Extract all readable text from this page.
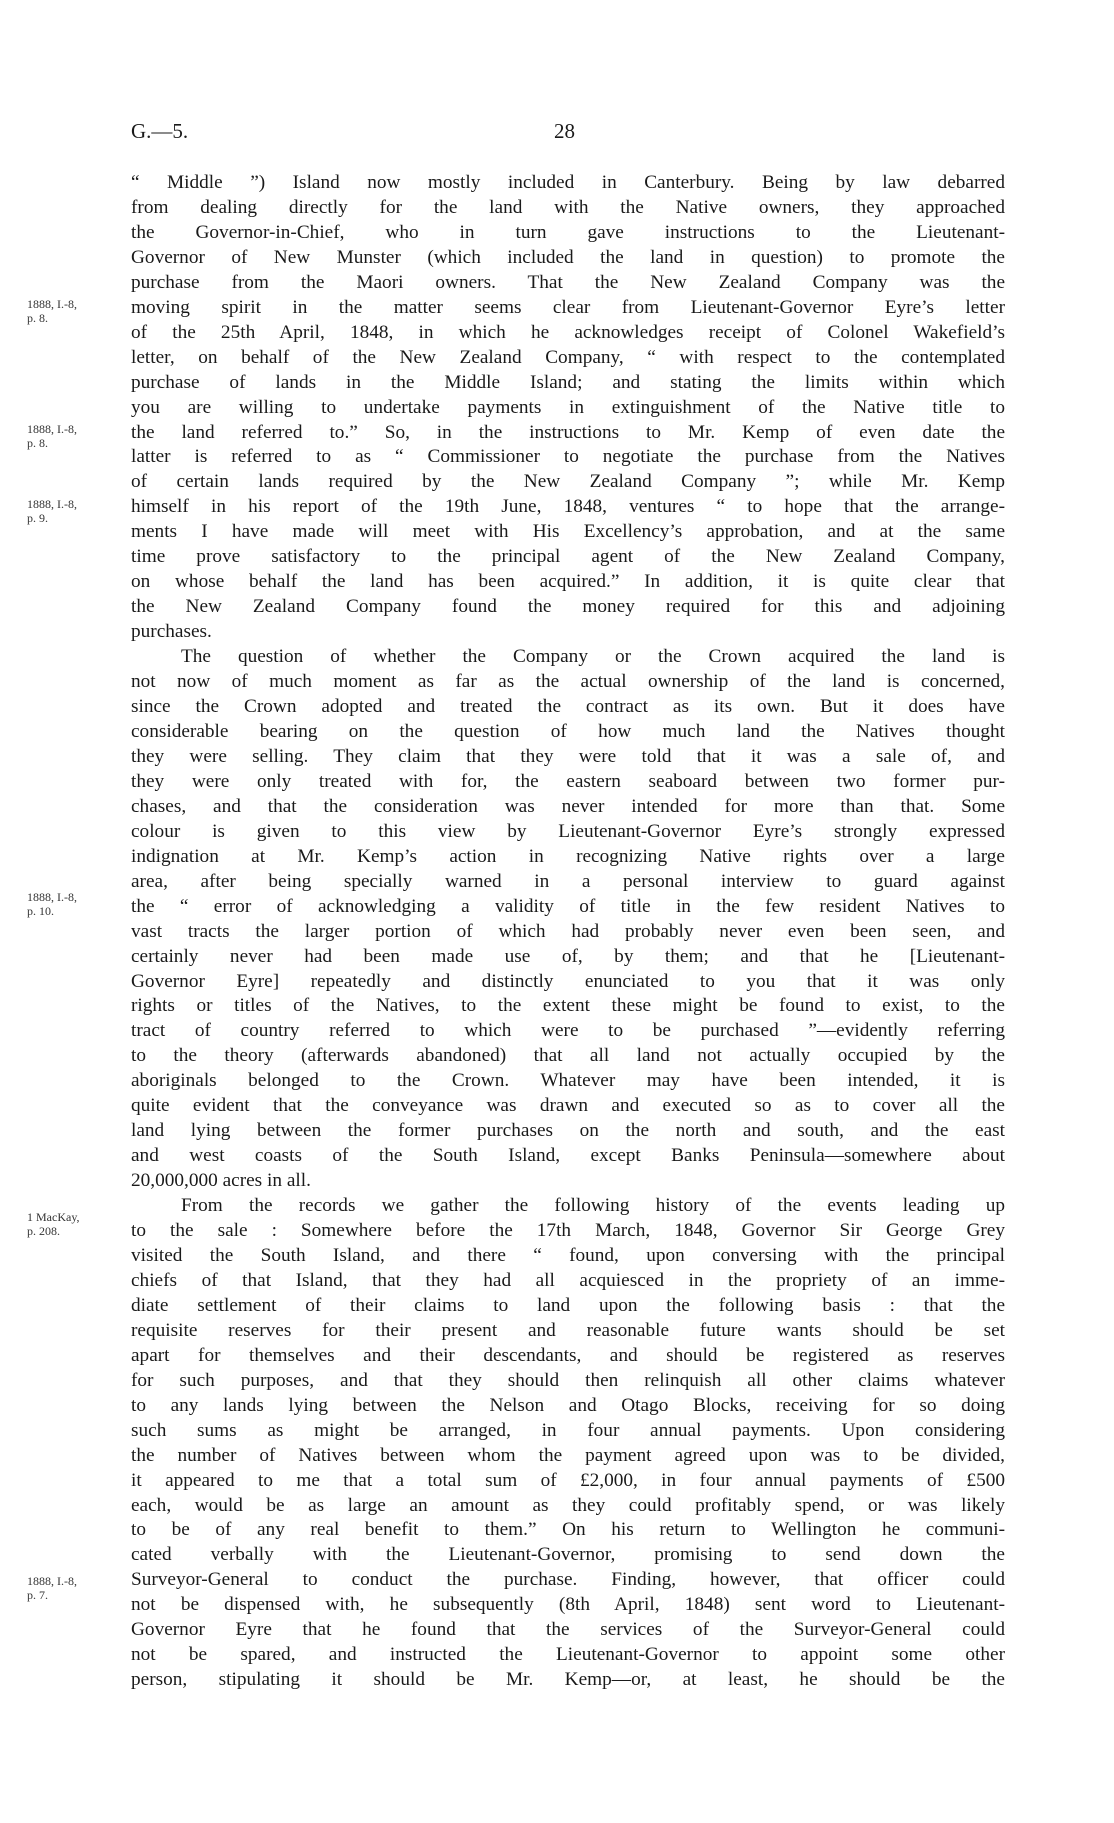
G.—5.	28
1888, I.-8,
p. 8.
1888, I.-8,
p. 8.
1888, I.-8,
p. 9.
1888, I.-8,
p. 10.
1 MacKay,
p. 208.
1888, I.-8,
p. 7.
“ Middle ”) Island now mostly included in Canterbury. Being by law debarred
from dealing directly for the land with the Native owners, they approached
the Governor-in-Chief, who in turn gave instructions to the Lieutenant-
Governor of New Munster (which included the land in question) to promote the
purchase from the Maori owners. That the New Zealand Company was the
moving spirit in the matter seems clear from Lieutenant-Governor Eyre’s letter
of the 25th April, 1848, in which he acknowledges receipt of Colonel Wakefield’s
letter, on behalf of the New Zealand Company, “ with respect to the contemplated
purchase of lands in the Middle Island; and stating the limits within which
you are willing to undertake payments in extinguishment of the Native title to
the land referred to.” So, in the instructions to Mr. Kemp of even date the
latter is referred to as “ Commissioner to negotiate the purchase from the Natives
of certain lands required by the New Zealand Company ”; while Mr. Kemp
himself in his report of the 19th June, 1848, ventures “ to hope that the arrange-
ments I have made will meet with His Excellency’s approbation, and at the same
time prove satisfactory to the principal agent of the New Zealand Company,
on whose behalf the land has been acquired.” In addition, it is quite clear that
the New Zealand Company found the money required for this and adjoining
purchases.
The question of whether the Company or the Crown acquired the land is
not now of much moment as far as the actual ownership of the land is concerned,
since the Crown adopted and treated the contract as its own. But it does have
considerable bearing on the question of how much land the Natives thought
they were selling. They claim that they were told that it was a sale of, and
they were only treated with for, the eastern seaboard between two former pur-
chases, and that the consideration was never intended for more than that. Some
colour is given to this view by Lieutenant-Governor Eyre’s strongly expressed
indignation at Mr. Kemp’s action in recognizing Native rights over a large
area, after being specially warned in a personal interview to guard against
the “ error of acknowledging a validity of title in the few resident Natives to
vast tracts the larger portion of which had probably never even been seen, and
certainly never had been made use of, by them; and that he [Lieutenant-
Governor Eyre] repeatedly and distinctly enunciated to you that it was only
rights or titles of the Natives, to the extent these might be found to exist, to the
tract of country referred to which were to be purchased ”—evidently referring
to the theory (afterwards abandoned) that all land not actually occupied by the
aboriginals belonged to the Crown. Whatever may have been intended, it is
quite evident that the conveyance was drawn and executed so as to cover all the
land lying between the former purchases on the north and south, and the east
and west coasts of the South Island, except Banks Peninsula—somewhere about
20,000,000 acres in all.
From the records we gather the following history of the events leading up
to the sale : Somewhere before the 17th March, 1848, Governor Sir George Grey
visited the South Island, and there “ found, upon conversing with the principal
chiefs of that Island, that they had all acquiesced in the propriety of an imme-
diate settlement of their claims to land upon the following basis : that the
requisite reserves for their present and reasonable future wants should be set
apart for themselves and their descendants, and should be registered as reserves
for such purposes, and that they should then relinquish all other claims whatever
to any lands lying between the Nelson and Otago Blocks, receiving for so doing
such sums as might be arranged, in four annual payments. Upon considering
the number of Natives between whom the payment agreed upon was to be divided,
it appeared to me that a total sum of £2,000, in four annual payments of £500
each, would be as large an amount as they could profitably spend, or was likely
to be of any real benefit to them.” On his return to Wellington he communi-
cated verbally with the Lieutenant-Governor, promising to send down the
Surveyor-General to conduct the purchase. Finding, however, that officer could
not be dispensed with, he subsequently (8th April, 1848) sent word to Lieutenant-
Governor Eyre that he found that the services of the Surveyor-General could
not be spared, and instructed the Lieutenant-Governor to appoint some other
person, stipulating it should be Mr. Kemp—or, at least, he should be the
